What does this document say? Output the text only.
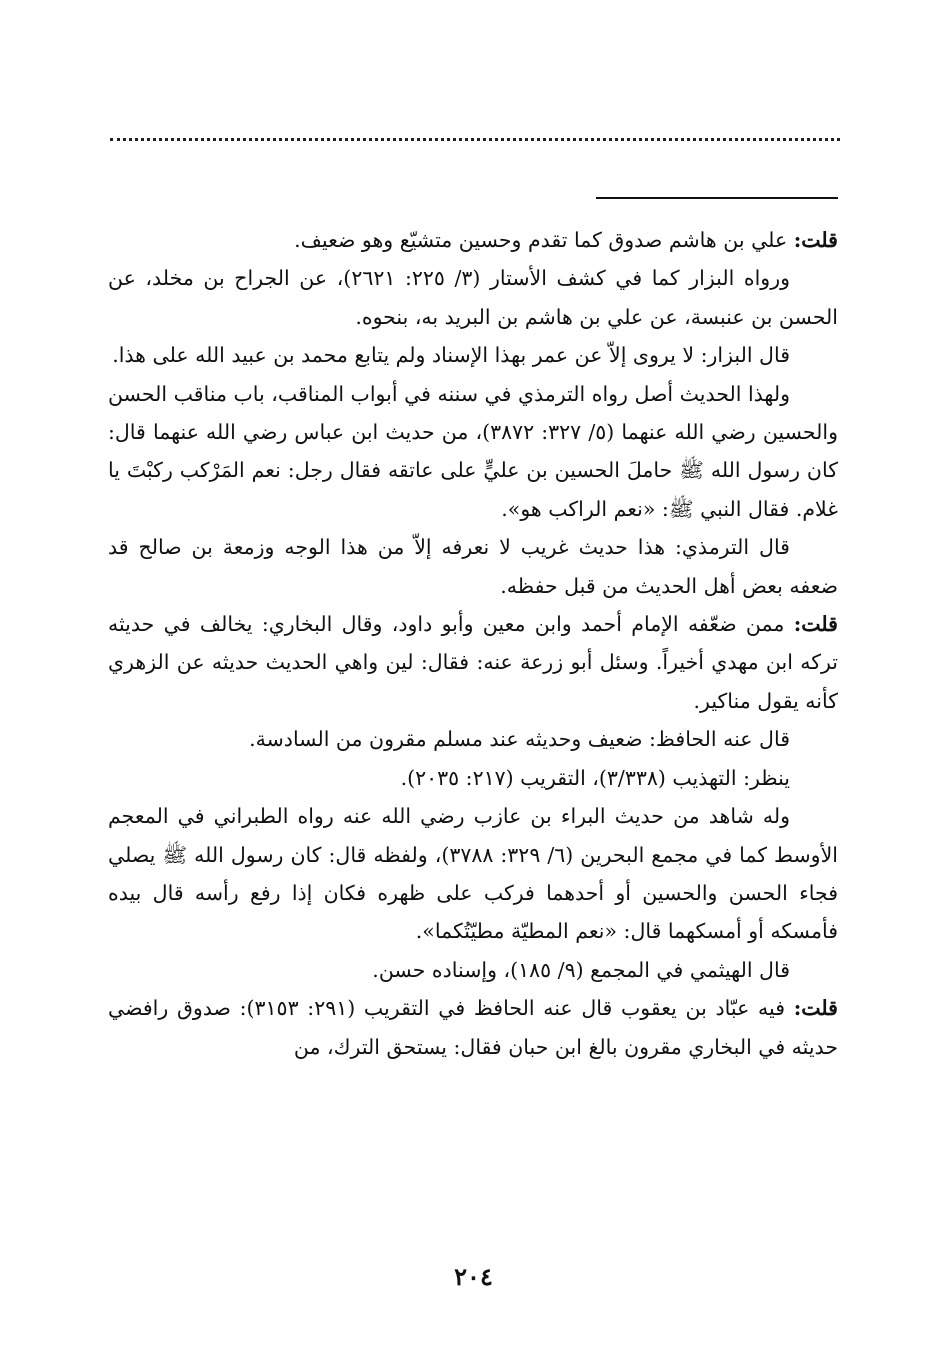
قلت: علي بن هاشم صدوق كما تقدم وحسين متشيّع وهو ضعيف.

ورواه البزار كما في كشف الأستار (٣/ ٢٢٥: ٢٦٢١)، عن الجراح بن مخلد، عن الحسن بن عنبسة، عن علي بن هاشم بن البريد به، بنحوه.

قال البزار: لا يروى إلاّ عن عمر بهذا الإسناد ولم يتابع محمد بن عبيد الله على هذا.

ولهذا الحديث أصل رواه الترمذي في سننه في أبواب المناقب، باب مناقب الحسن والحسين رضي الله عنهما (٥/ ٣٢٧: ٣٨٧٢)، من حديث ابن عباس رضي الله عنهما قال: كان رسول الله ﷺ حاملَ الحسين بن عليٍّ على عاتقه فقال رجل: نعم المَرْكب ركبْتَ يا غلام. فقال النبي ﷺ: «نعم الراكب هو».

قال الترمذي: هذا حديث غريب لا نعرفه إلاّ من هذا الوجه وزمعة بن صالح قد ضعفه بعض أهل الحديث من قبل حفظه.

قلت: ممن ضعّفه الإمام أحمد وابن معين وأبو داود، وقال البخاري: يخالف في حديثه تركه ابن مهدي أخيراً. وسئل أبو زرعة عنه: فقال: لين واهي الحديث حديثه عن الزهري كأنه يقول مناكير.

قال عنه الحافظ: ضعيف وحديثه عند مسلم مقرون من السادسة.

ينظر: التهذيب (٣/٣٣٨)، التقريب (٢١٧: ٢٠٣٥).

وله شاهد من حديث البراء بن عازب رضي الله عنه رواه الطبراني في المعجم الأوسط كما في مجمع البحرين (٦/ ٣٢٩: ٣٧٨٨)، ولفظه قال: كان رسول الله ﷺ يصلي فجاء الحسن والحسين أو أحدهما فركب على ظهره فكان إذا رفع رأسه قال بيده فأمسكه أو أمسكهما قال: «نعم المطيّة مطيّتُكما».

قال الهيثمي في المجمع (٩/ ١٨٥)، وإسناده حسن.

قلت: فيه عبّاد بن يعقوب قال عنه الحافظ في التقريب (٢٩١: ٣١٥٣): صدوق رافضي حديثه في البخاري مقرون بالغ ابن حبان فقال: يستحق الترك، من

٢٠٤
